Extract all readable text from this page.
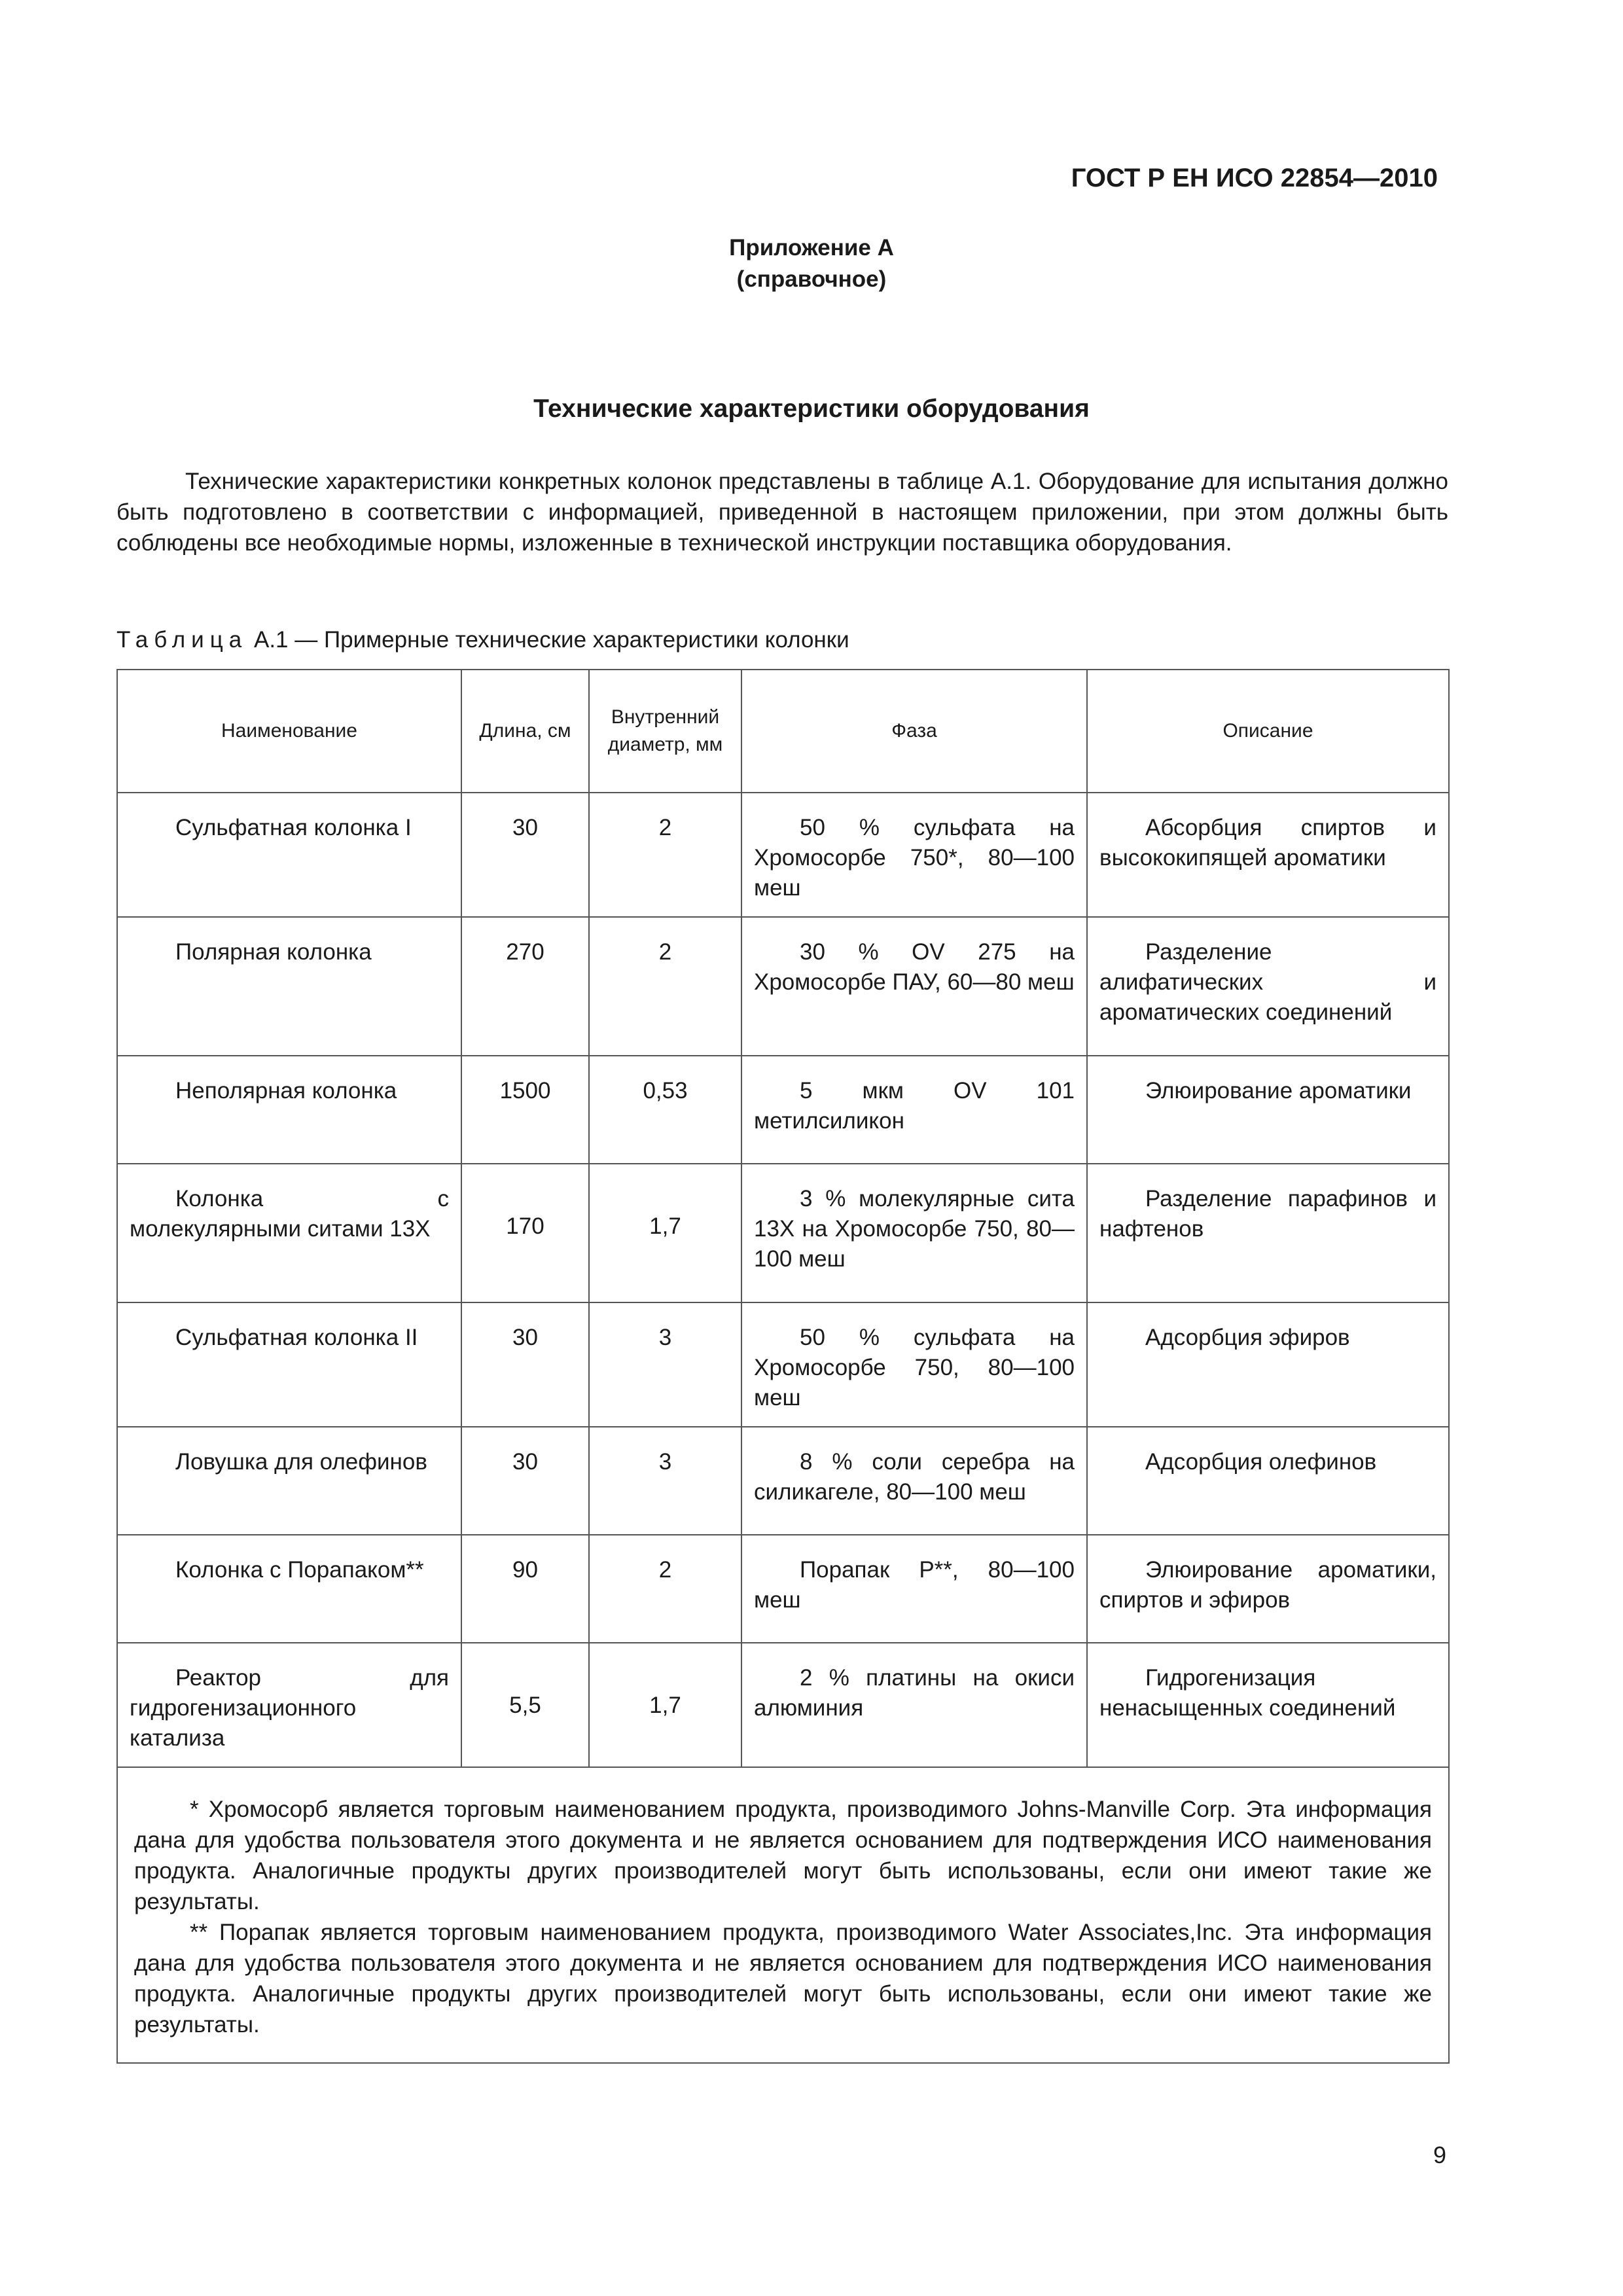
ГОСТ Р ЕН ИСО 22854—2010
Приложение А
(справочное)
Технические характеристики оборудования

Технические характеристики конкретных колонок представлены в таблице А.1. Оборудование для испытания должно быть подготовлено в соответствии с информацией, приведенной в настоящем приложении, при этом должны быть соблюдены все необходимые нормы, изложенные в технической инструкции поставщика оборудования.

Таблица А.1 — Примерные технические характеристики колонки
Наименование	Длина, см	Внутренний диаметр, мм	Фаза	Описание

Сульфатная колонка I	30	2	50 % сульфата на Хромосорбе 750*, 80—100 меш	Абсорбция спиртов и высококипящей ароматики

Полярная колонка	270	2	30 % OV 275 на Хромосорбе ПАУ, 60—80 меш	Разделение алифатических и ароматических соединений

Неполярная колонка	1500	0,53	5 мкм OV 101 метилсиликон	Элюирование ароматики

Колонка с молекулярными ситами 13X	170	1,7	3 % молекулярные сита 13X на Хромосорбе 750, 80—100 меш	Разделение парафинов и нафтенов

Сульфатная колонка II	30	3	50 % сульфата на Хромосорбе 750, 80—100 меш	Адсорбция эфиров

Ловушка для олефинов	30	3	8 % соли серебра на силикагеле, 80—100 меш	Адсорбция олефинов

Колонка с Порапаком**	90	2	Порапак P**, 80—100 меш	Элюирование ароматики, спиртов и эфиров

Реактор для гидрогенизационного катализа	5,5	1,7	2 % платины на окиси алюминия	Гидрогенизация ненасыщенных соединений

* Хромосорб является торговым наименованием продукта, производимого Johns-Manville Corp. Эта информация дана для удобства пользователя этого документа и не является основанием для подтверждения ИСО наименования продукта. Аналогичные продукты других производителей могут быть использованы, если они имеют такие же результаты.

** Порапак является торговым наименованием продукта, производимого Water Associates,Inc. Эта информация дана для удобства пользователя этого документа и не является основанием для подтверждения ИСО наименования продукта. Аналогичные продукты других производителей могут быть использованы, если они имеют такие же результаты.				

9
